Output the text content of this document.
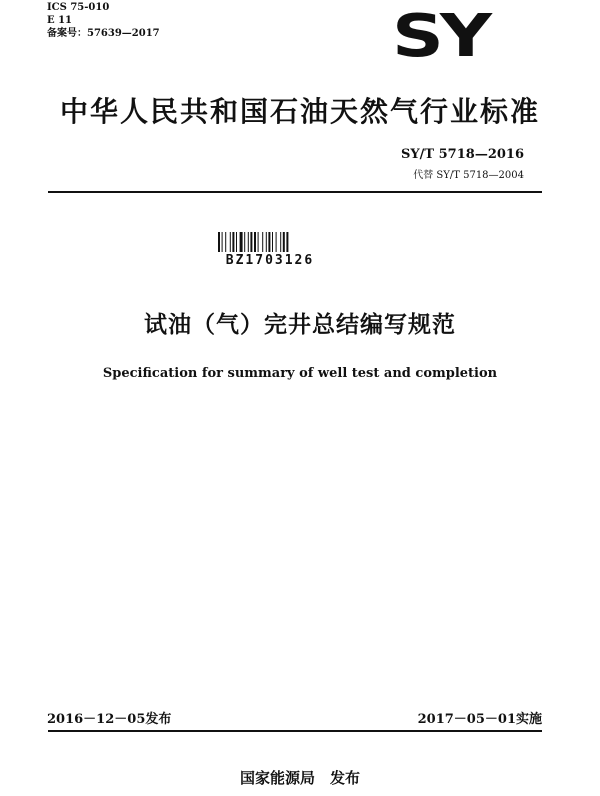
ICS 75-010
E 11
备案号：57639—2017	SY
中华人民共和国石油天然气行业标准
SY/T 5718—2016
代替 SY/T 5718—2004
BZ1703126
试油（气）完井总结编写规范
Specification for summary of well test and completion
2016－12－05发布	2017－05－01实施
国家能源局　发布
